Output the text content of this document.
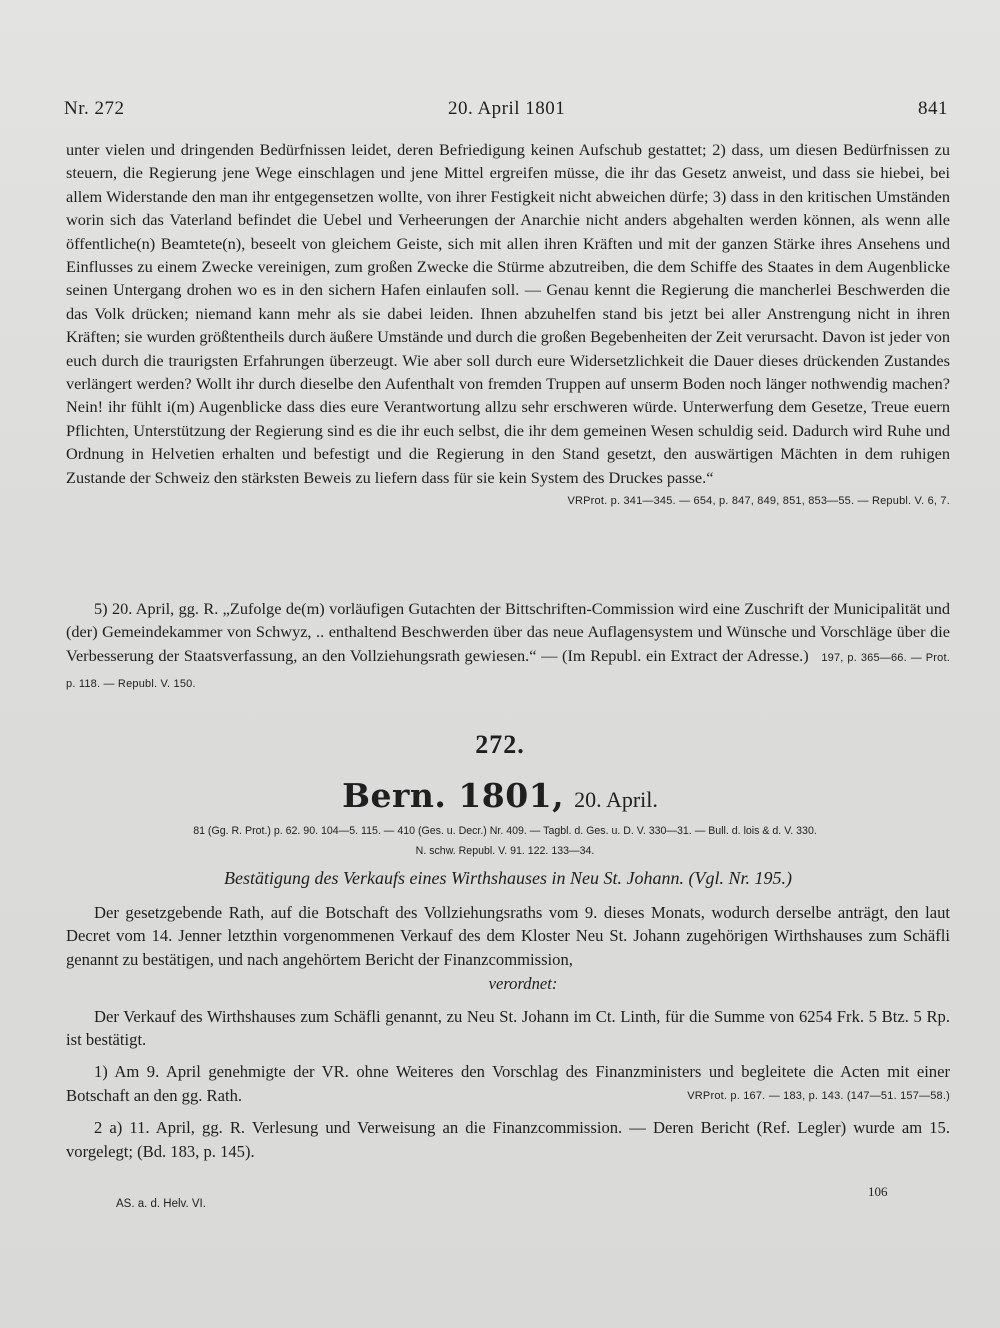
Nr. 272	20. April 1801	841

unter vielen und dringenden Bedürfnissen leidet, deren Befriedigung keinen Aufschub gestattet; 2) dass, um diesen Bedürfnissen zu steuern, die Regierung jene Wege einschlagen und jene Mittel ergreifen müsse, die ihr das Gesetz anweist, und dass sie hiebei, bei allem Widerstande den man ihr entgegensetzen wollte, von ihrer Festigkeit nicht abweichen dürfe; 3) dass in den kritischen Umständen worin sich das Vaterland befindet die Uebel und Verheerungen der Anarchie nicht anders abgehalten werden können, als wenn alle öffentliche(n) Beamtete(n), beseelt von gleichem Geiste, sich mit allen ihren Kräften und mit der ganzen Stärke ihres Ansehens und Einflusses zu einem Zwecke vereinigen, zum großen Zwecke die Stürme abzutreiben, die dem Schiffe des Staates in dem Augenblicke seinen Untergang drohen wo es in den sichern Hafen einlaufen soll. — Genau kennt die Regierung die mancherlei Beschwerden die das Volk drücken; niemand kann mehr als sie dabei leiden. Ihnen abzuhelfen stand bis jetzt bei aller Anstrengung nicht in ihren Kräften; sie wurden größtentheils durch äußere Umstände und durch die großen Begebenheiten der Zeit verursacht. Davon ist jeder von euch durch die traurigsten Erfahrungen überzeugt. Wie aber soll durch eure Widersetzlichkeit die Dauer dieses drückenden Zustandes verlängert werden? Wollt ihr durch dieselbe den Aufenthalt von fremden Truppen auf unserm Boden noch länger nothwendig machen? Nein! ihr fühlt i(m) Augenblicke dass dies eure Verantwortung allzu sehr erschweren würde. Unterwerfung dem Gesetze, Treue euern Pflichten, Unterstützung der Regierung sind es die ihr euch selbst, die ihr dem gemeinen Wesen schuldig seid. Dadurch wird Ruhe und Ordnung in Helvetien erhalten und befestigt und die Regierung in den Stand gesetzt, den auswärtigen Mächten in dem ruhigen Zustande der Schweiz den stärksten Beweis zu liefern dass für sie kein System des Druckes passe.“
VRProt. p. 341—345. — 654, p. 847, 849, 851, 853—55. — Republ. V. 6, 7.

5) 20. April, gg. R. „Zufolge de(m) vorläufigen Gutachten der Bittschriften-Commission wird eine Zuschrift der Municipalität und (der) Gemeindekammer von Schwyz, .. enthaltend Beschwerden über das neue Auflagensystem und Wünsche und Vorschläge über die Verbesserung der Staatsverfassung, an den Vollziehungsrath gewiesen.“ — (Im Republ. ein Extract der Adresse.) 197, p. 365—66. — Prot. p. 118. — Republ. V. 150.

272.
Bern. 1801, 20. April.
81 (Gg. R. Prot.) p. 62. 90. 104—5. 115. — 410 (Ges. u. Decr.) Nr. 409. — Tagbl. d. Ges. u. D. V. 330—31. — Bull. d. lois & d. V. 330.
N. schw. Republ. V. 91. 122. 133—34.
Bestätigung des Verkaufs eines Wirthshauses in Neu St. Johann. (Vgl. Nr. 195.)

Der gesetzgebende Rath, auf die Botschaft des Vollziehungsraths vom 9. dieses Monats, wodurch derselbe anträgt, den laut Decret vom 14. Jenner letzthin vorgenommenen Verkauf des dem Kloster Neu St. Johann zugehörigen Wirthshauses zum Schäfli genannt zu bestätigen, und nach angehörtem Bericht der Finanzcommission,

verordnet:

Der Verkauf des Wirthshauses zum Schäfli genannt, zu Neu St. Johann im Ct. Linth, für die Summe von 6254 Frk. 5 Btz. 5 Rp. ist bestätigt.

1) Am 9. April genehmigte der VR. ohne Weiteres den Vorschlag des Finanzministers und begleitete die Acten mit einer Botschaft an den gg. Rath.	VRProt. p. 167. — 183, p. 143. (147—51. 157—58.)

2 a) 11. April, gg. R. Verlesung und Verweisung an die Finanzcommission. — Deren Bericht (Ref. Legler) wurde am 15. vorgelegt; (Bd. 183, p. 145).

AS. a. d. Helv. VI.
106
